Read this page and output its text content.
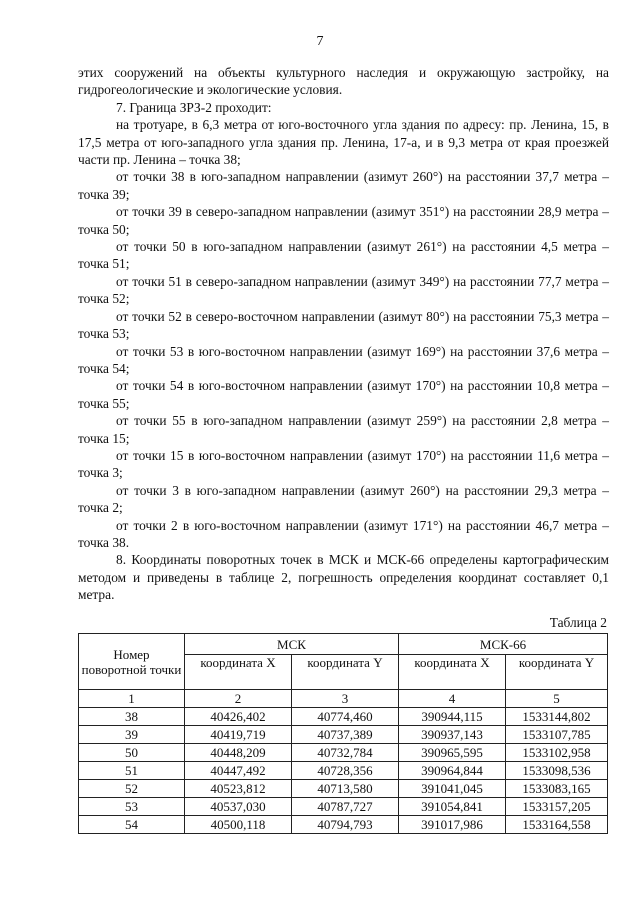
7

этих сооружений на объекты культурного наследия и окружающую застройку, на гидрогеологические и экологические условия.

7. Граница ЗРЗ-2 проходит:

на тротуаре, в 6,3 метра от юго-восточного угла здания по адресу: пр. Ленина, 15, в 17,5 метра от юго-западного угла здания пр. Ленина, 17-а, и в 9,3 метра от края проезжей части пр. Ленина – точка 38;

от точки 38 в юго-западном направлении (азимут 260°) на расстоянии 37,7 метра – точка 39;

от точки 39 в северо-западном направлении (азимут 351°) на расстоянии 28,9 метра – точка 50;

от точки 50 в юго-западном направлении (азимут 261°) на расстоянии 4,5 метра – точка 51;

от точки 51 в северо-западном направлении (азимут 349°) на расстоянии 77,7 метра – точка 52;

от точки 52 в северо-восточном направлении (азимут 80°) на расстоянии 75,3 метра – точка 53;

от точки 53 в юго-восточном направлении (азимут 169°) на расстоянии 37,6 метра – точка 54;

от точки 54 в юго-восточном направлении (азимут 170°) на расстоянии 10,8 метра – точка 55;

от точки 55 в юго-западном направлении (азимут 259°) на расстоянии 2,8 метра – точка 15;

от точки 15 в юго-восточном направлении (азимут 170°) на расстоянии 11,6 метра – точка 3;

от точки 3 в юго-западном направлении (азимут 260°) на расстоянии 29,3 метра – точка 2;

от точки 2 в юго-восточном направлении (азимут 171°) на расстоянии 46,7 метра – точка 38.

8. Координаты поворотных точек в МСК и МСК-66 определены картографическим методом и приведены в таблице 2, погрешность определения координат составляет 0,1 метра.

Таблица 2
Номер поворотной точки	МСК		МСК-66	
	координата X	координата Y	координата X	координата Y
1	2	3	4	5
38	40426,402	40774,460	390944,115	1533144,802
39	40419,719	40737,389	390937,143	1533107,785
50	40448,209	40732,784	390965,595	1533102,958
51	40447,492	40728,356	390964,844	1533098,536
52	40523,812	40713,580	391041,045	1533083,165
53	40537,030	40787,727	391054,841	1533157,205
54	40500,118	40794,793	391017,986	1533164,558
